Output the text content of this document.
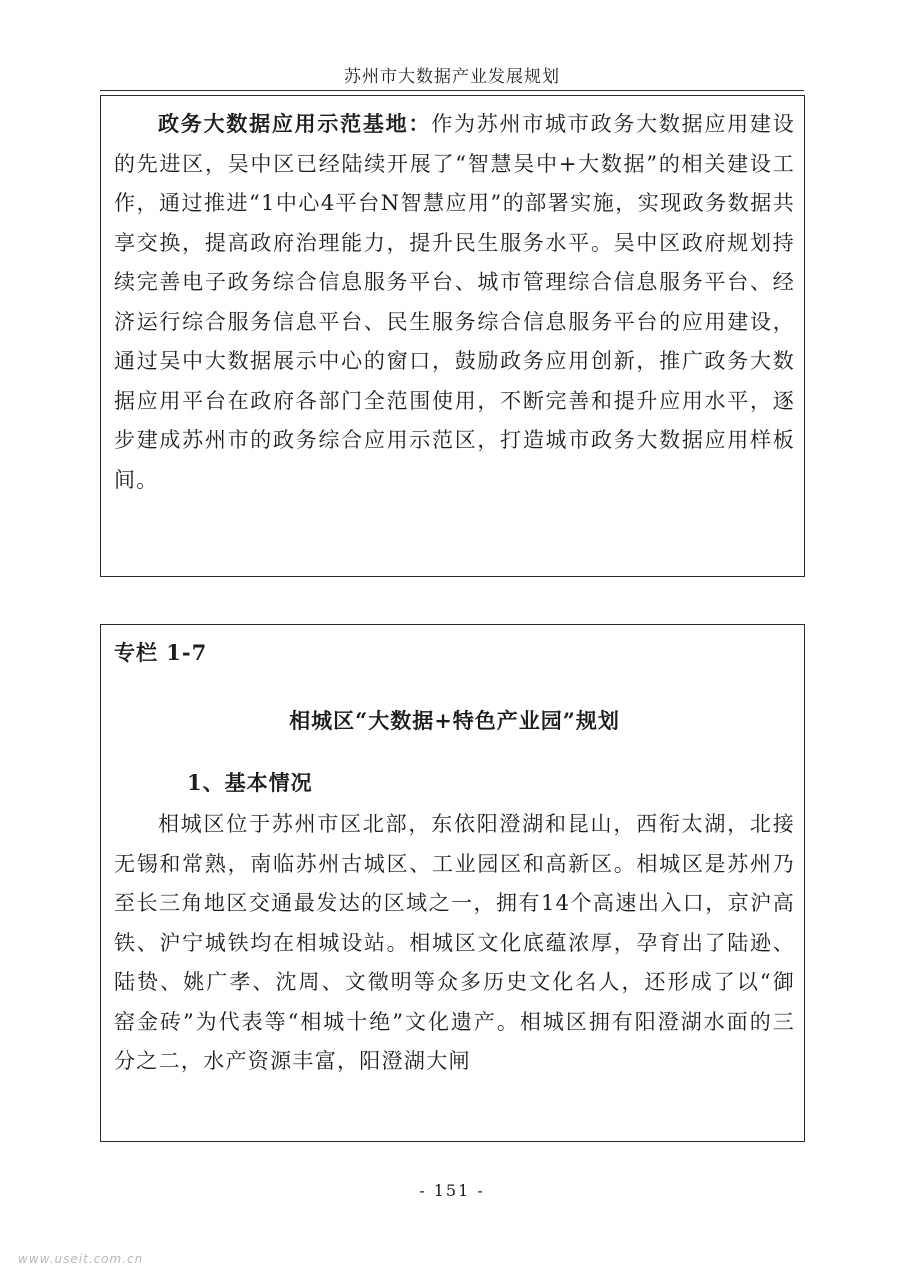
苏州市大数据产业发展规划

政务大数据应用示范基地：作为苏州市城市政务大数据应用建设的先进区，吴中区已经陆续开展了“智慧吴中+大数据”的相关建设工作，通过推进“1中心4平台N智慧应用”的部署实施，实现政务数据共享交换，提高政府治理能力，提升民生服务水平。吴中区政府规划持续完善电子政务综合信息服务平台、城市管理综合信息服务平台、经济运行综合服务信息平台、民生服务综合信息服务平台的应用建设，通过吴中大数据展示中心的窗口，鼓励政务应用创新，推广政务大数据应用平台在政府各部门全范围使用，不断完善和提升应用水平，逐步建成苏州市的政务综合应用示范区，打造城市政务大数据应用样板间。

专栏 1-7

相城区“大数据+特色产业园”规划

1、基本情况

相城区位于苏州市区北部，东依阳澄湖和昆山，西衔太湖，北接无锡和常熟，南临苏州古城区、工业园区和高新区。相城区是苏州乃至长三角地区交通最发达的区域之一，拥有14个高速出入口，京沪高铁、沪宁城铁均在相城设站。相城区文化底蕴浓厚，孕育出了陆逊、陆贽、姚广孝、沈周、文徵明等众多历史文化名人，还形成了以“御窑金砖”为代表等“相城十绝”文化遗产。相城区拥有阳澄湖水面的三分之二，水产资源丰富，阳澄湖大闸

- 151 -
www.useit.com.cn
